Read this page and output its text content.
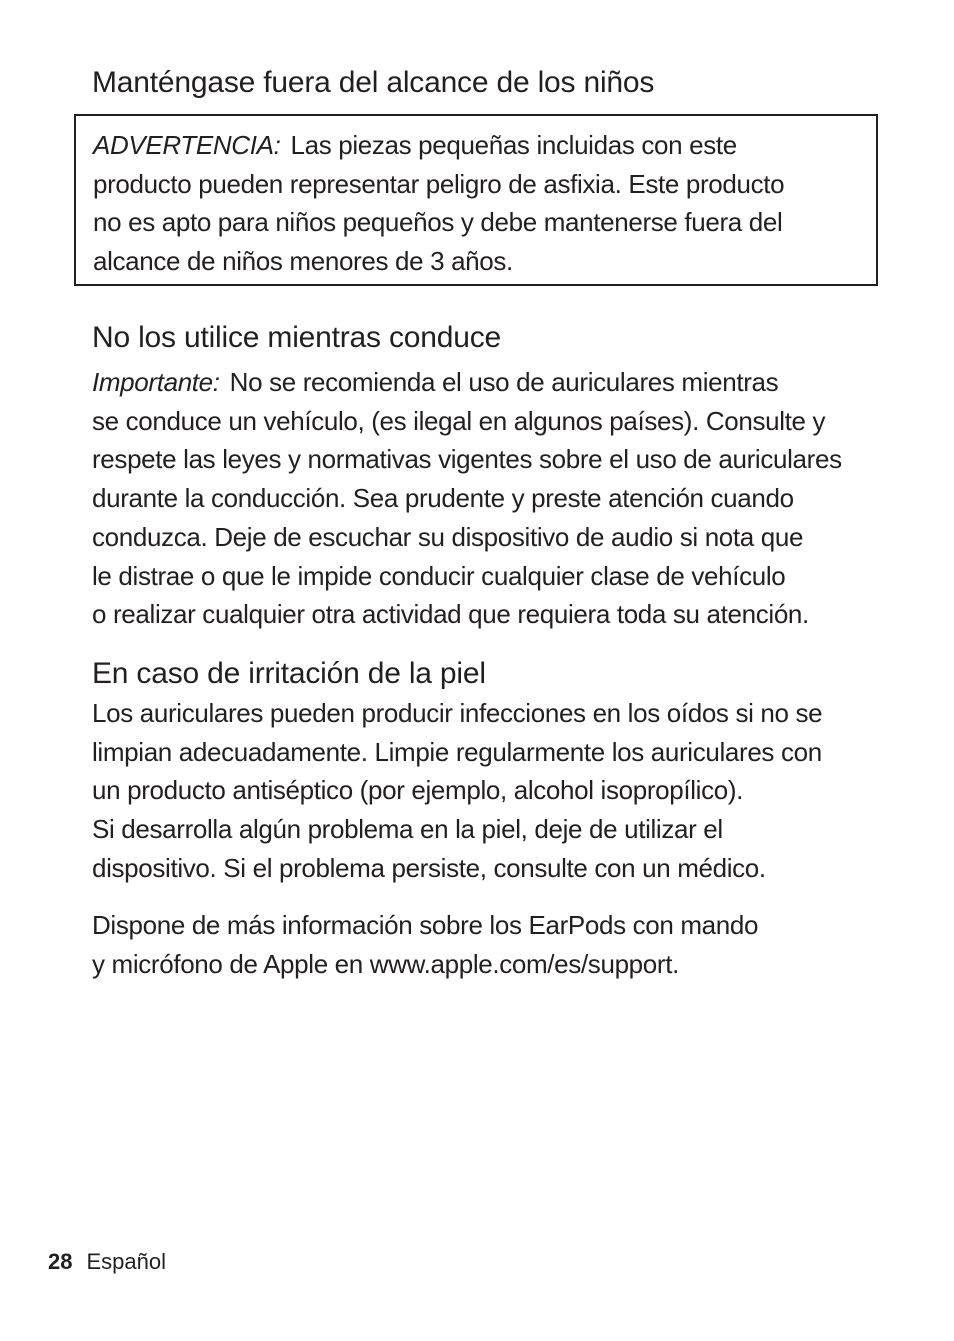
Manténgase fuera del alcance de los niños

ADVERTENCIA: Las piezas pequeñas incluidas con este
producto pueden representar peligro de asfixia. Este producto
no es apto para niños pequeños y debe mantenerse fuera del
alcance de niños menores de 3 años.

No los utilice mientras conduce

Importante: No se recomienda el uso de auriculares mientras
se conduce un vehículo, (es ilegal en algunos países). Consulte y
respete las leyes y normativas vigentes sobre el uso de auriculares
durante la conducción. Sea prudente y preste atención cuando
conduzca. Deje de escuchar su dispositivo de audio si nota que
le distrae o que le impide conducir cualquier clase de vehículo
o realizar cualquier otra actividad que requiera toda su atención.

En caso de irritación de la piel

Los auriculares pueden producir infecciones en los oídos si no se
limpian adecuadamente. Limpie regularmente los auriculares con
un producto antiséptico (por ejemplo, alcohol isopropílico).
Si desarrolla algún problema en la piel, deje de utilizar el
dispositivo. Si el problema persiste, consulte con un médico.

Dispone de más información sobre los EarPods con mando
y micrófono de Apple en www.apple.com/es/support.

28 Español
